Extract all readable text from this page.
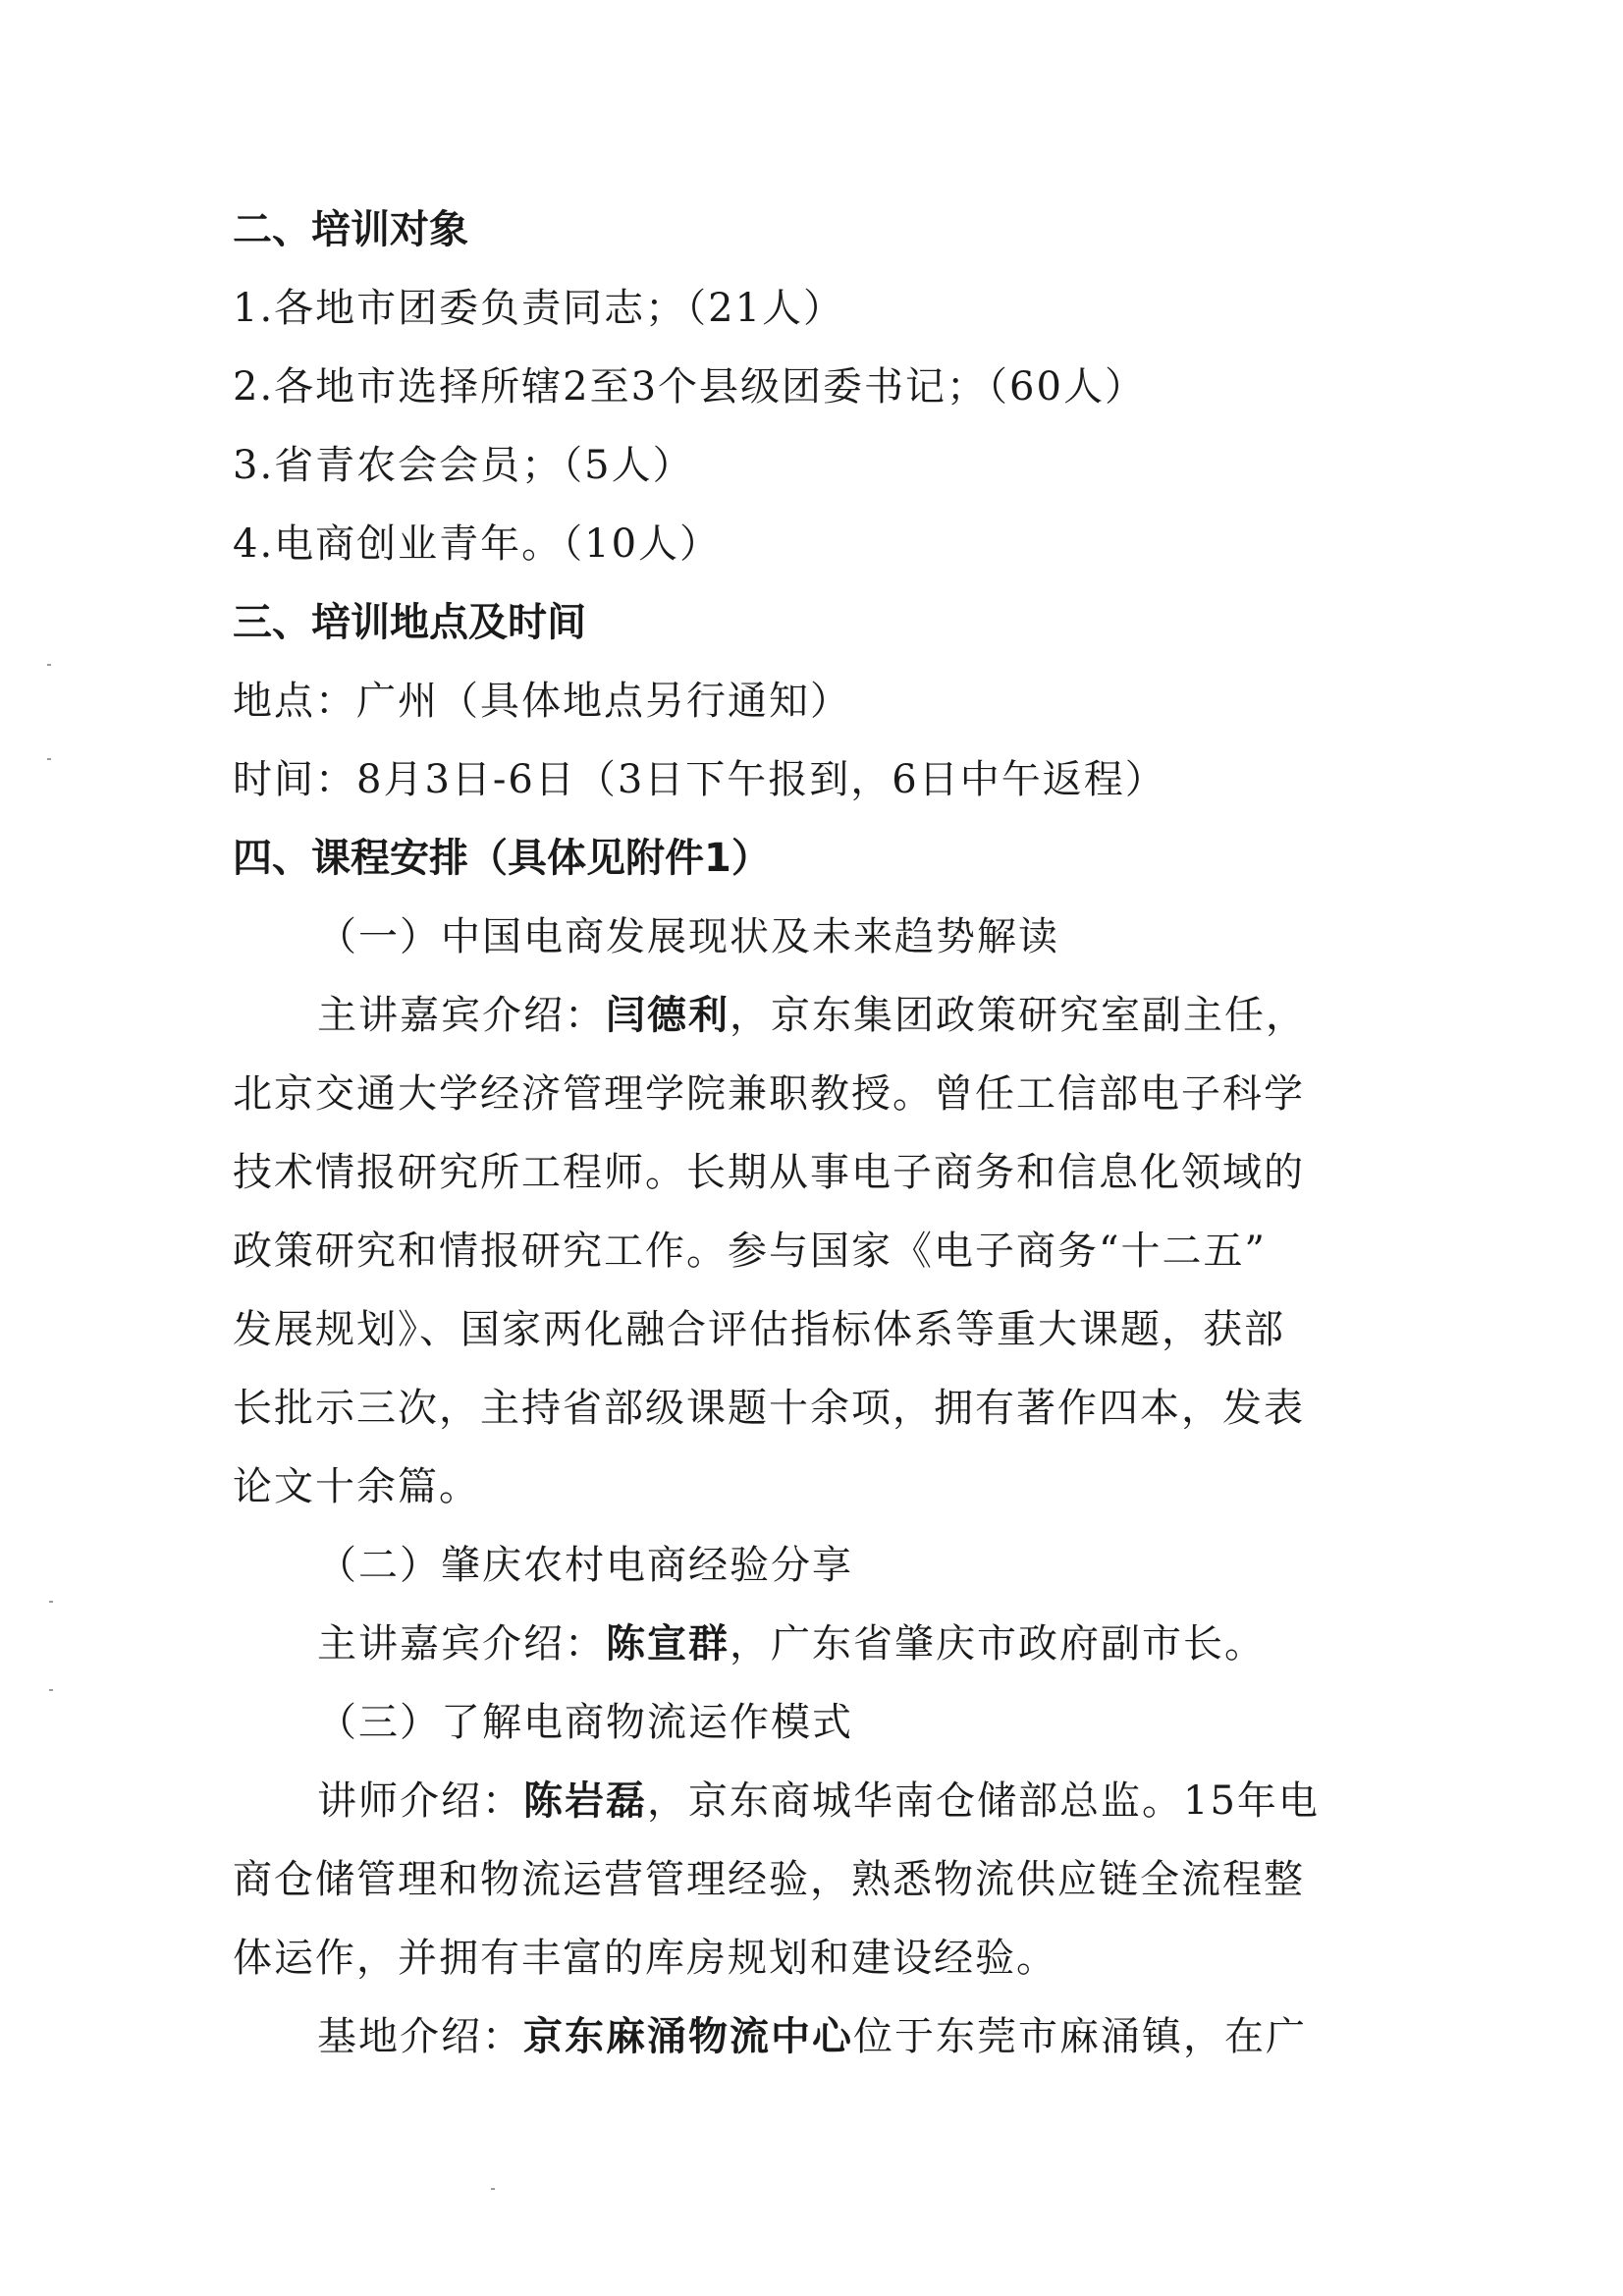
二、培训对象
1.各地市团委负责同志；（21人）
2.各地市选择所辖2至3个县级团委书记；（60人）
3.省青农会会员；（5人）
4.电商创业青年。（10人）
三、培训地点及时间
地点：广州（具体地点另行通知）
时间：8月3日-6日（3日下午报到，6日中午返程）
四、课程安排（具体见附件1）
（一）中国电商发展现状及未来趋势解读
主讲嘉宾介绍：闫德利，京东集团政策研究室副主任，
北京交通大学经济管理学院兼职教授。曾任工信部电子科学
技术情报研究所工程师。长期从事电子商务和信息化领域的
政策研究和情报研究工作。参与国家《电子商务“十二五”
发展规划》、国家两化融合评估指标体系等重大课题，获部
长批示三次，主持省部级课题十余项，拥有著作四本，发表
论文十余篇。
（二）肇庆农村电商经验分享
主讲嘉宾介绍：陈宣群，广东省肇庆市政府副市长。
（三）了解电商物流运作模式
讲师介绍：陈岩磊，京东商城华南仓储部总监。15年电
商仓储管理和物流运营管理经验，熟悉物流供应链全流程整
体运作，并拥有丰富的库房规划和建设经验。
基地介绍：京东麻涌物流中心位于东莞市麻涌镇，在广
